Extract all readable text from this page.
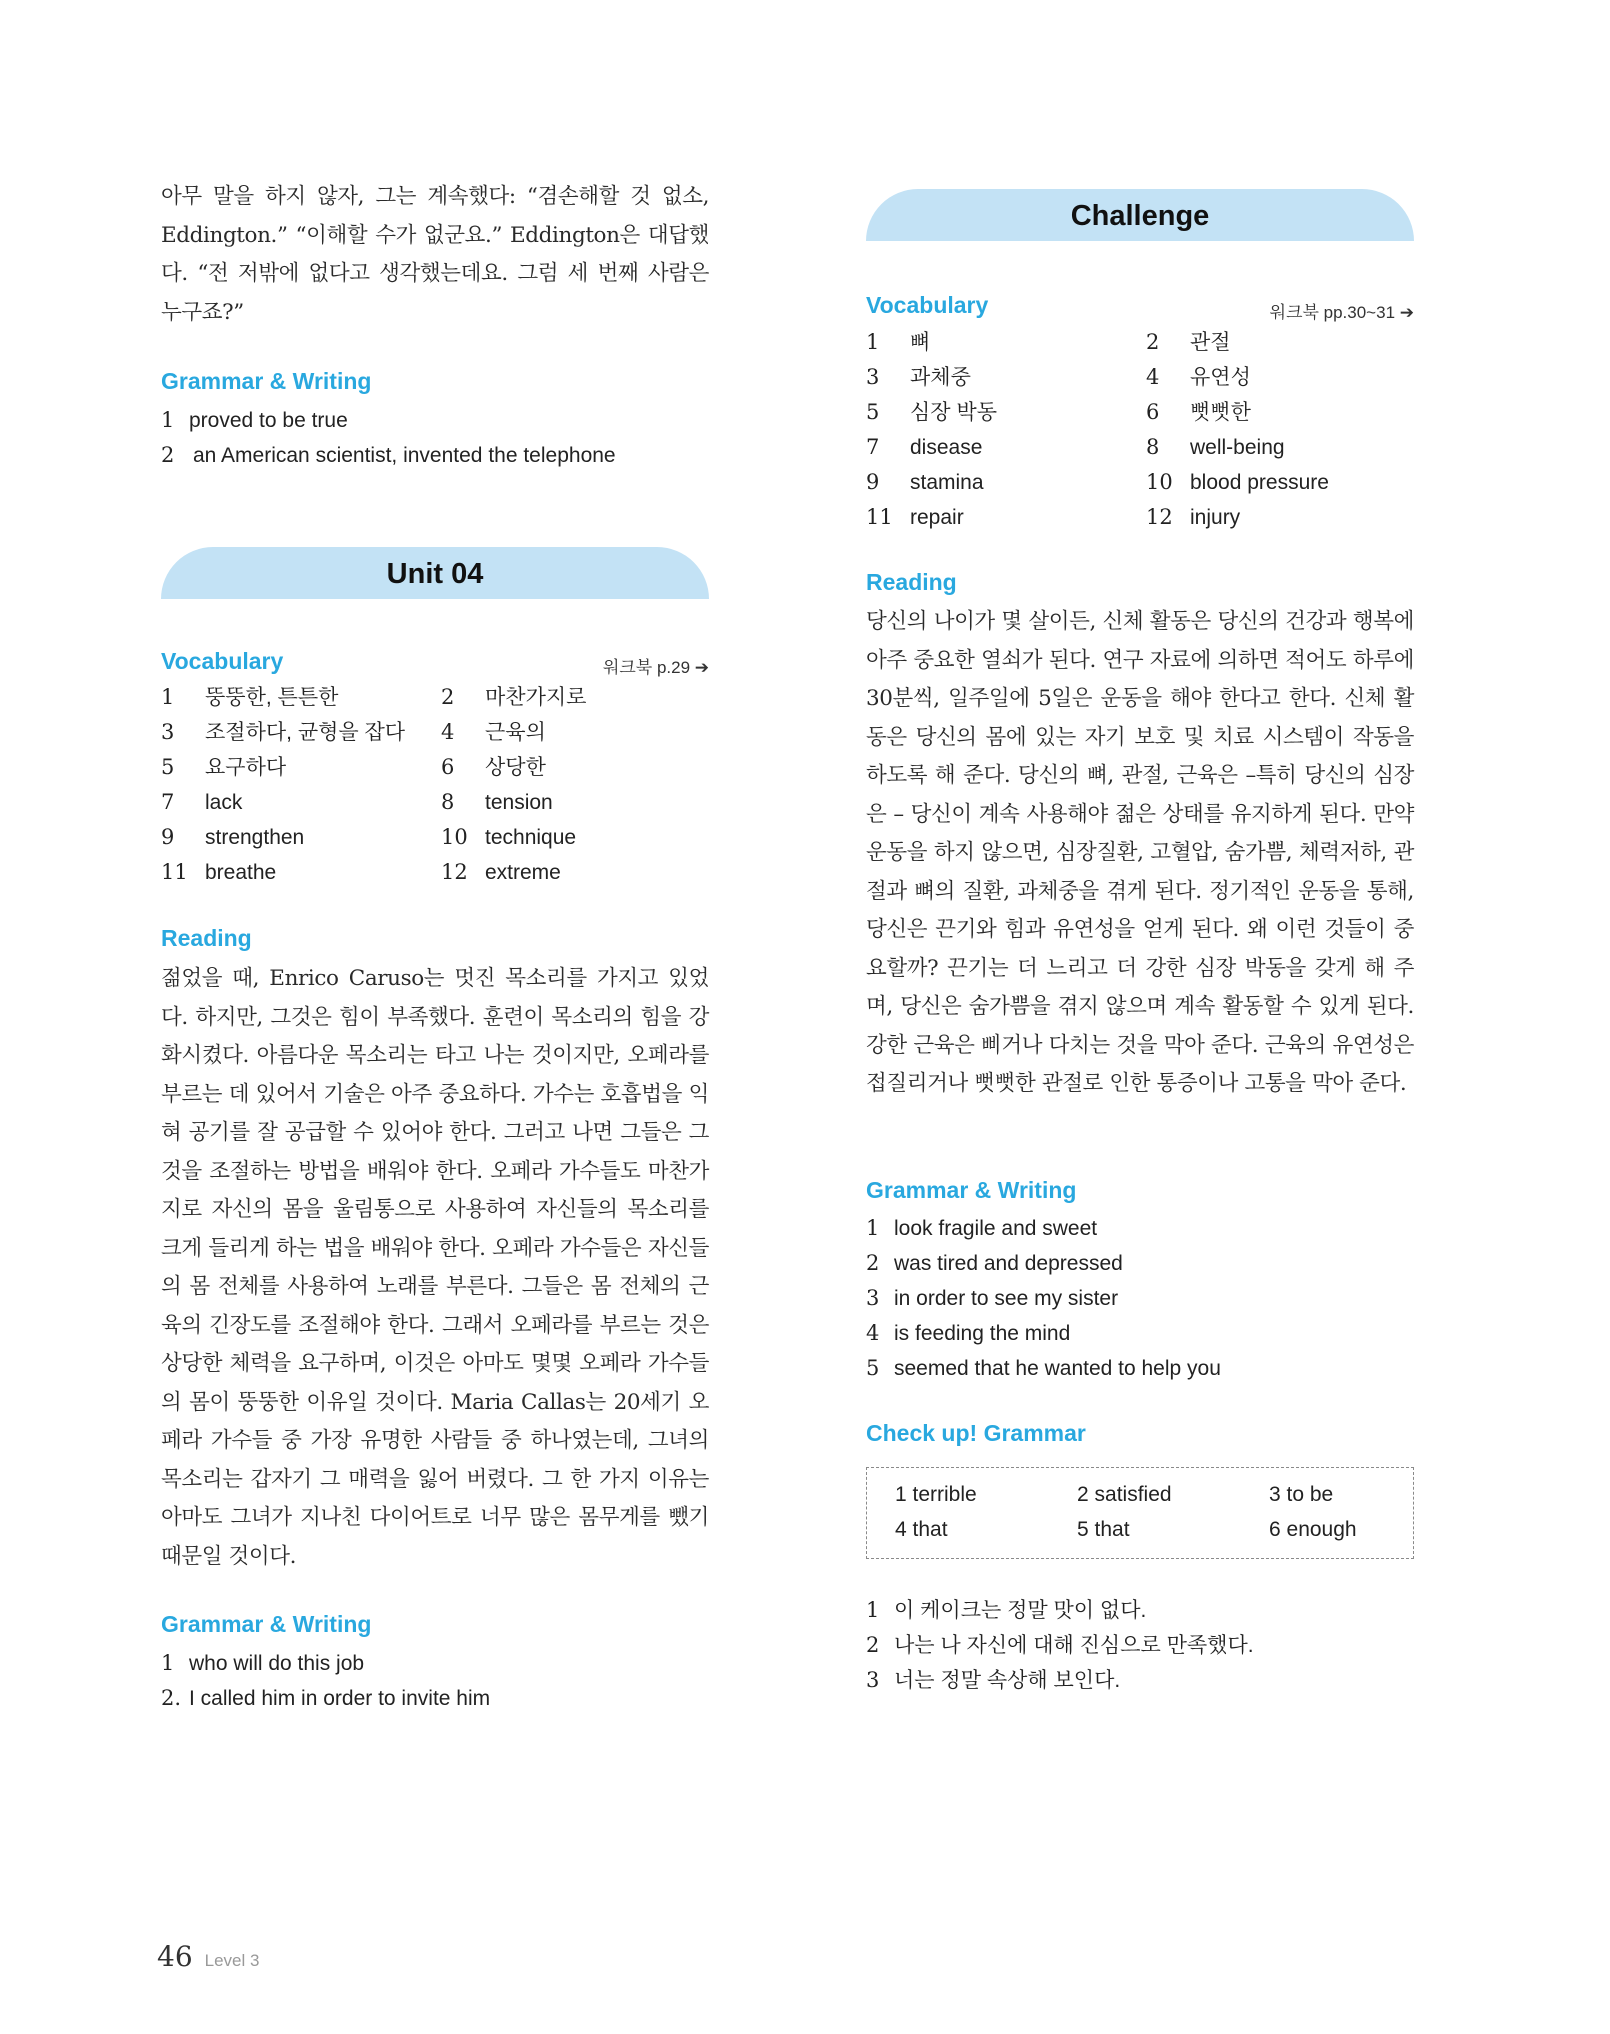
아무 말을 하지 않자, 그는 계속했다: “겸손해할 것 없소, Eddington.” “이해할 수가 없군요.” Eddington은 대답했다. “전 저밖에 없다고 생각했는데요. 그럼 세 번째 사람은 누구죠?”

Grammar & Writing
1 proved to be true
2 an American scientist, invented the telephone
Unit 04
Vocabulary	워크북 p.29 ➔
1 뚱뚱한, 튼튼한	2 마찬가지로
3 조절하다, 균형을 잡다 4 근육의
5 요구하다	6 상당한
7 lack	8 tension
9 strengthen	10 technique
11 breathe	12 extreme
Reading

젊었을 때, Enrico Caruso는 멋진 목소리를 가지고 있었다. 하지만, 그것은 힘이 부족했다. 훈련이 목소리의 힘을 강화시켰다. 아름다운 목소리는 타고 나는 것이지만, 오페라를 부르는 데 있어서 기술은 아주 중요하다. 가수는 호흡법을 익혀 공기를 잘 공급할 수 있어야 한다. 그러고 나면 그들은 그것을 조절하는 방법을 배워야 한다. 오페라 가수들도 마찬가지로 자신의 몸을 울림통으로 사용하여 자신들의 목소리를 크게 들리게 하는 법을 배워야 한다. 오페라 가수들은 자신들의 몸 전체를 사용하여 노래를 부른다. 그들은 몸 전체의 근육의 긴장도를 조절해야 한다. 그래서 오페라를 부르는 것은 상당한 체력을 요구하며, 이것은 아마도 몇몇 오페라 가수들의 몸이 뚱뚱한 이유일 것이다. Maria Callas는 20세기 오페라 가수들 중 가장 유명한 사람들 중 하나였는데, 그녀의 목소리는 갑자기 그 매력을 잃어 버렸다. 그 한 가지 이유는 아마도 그녀가 지나친 다이어트로 너무 많은 몸무게를 뺐기 때문일 것이다.

Grammar & Writing
1 who will do this job
2. I called him in order to invite him
Challenge
Vocabulary	워크북 pp.30~31 ➔
1 뼈	2 관절
3 과체중	4 유연성
5 심장 박동	6 뻣뻣한
7 disease	8 well-being
9 stamina	10 blood pressure
11 repair	12 injury
Reading

당신의 나이가 몇 살이든, 신체 활동은 당신의 건강과 행복에 아주 중요한 열쇠가 된다. 연구 자료에 의하면 적어도 하루에 30분씩, 일주일에 5일은 운동을 해야 한다고 한다. 신체 활동은 당신의 몸에 있는 자기 보호 및 치료 시스템이 작동을 하도록 해 준다. 당신의 뼈, 관절, 근육은 –특히 당신의 심장은 – 당신이 계속 사용해야 젊은 상태를 유지하게 된다. 만약 운동을 하지 않으면, 심장질환, 고혈압, 숨가쁨, 체력저하, 관절과 뼈의 질환, 과체중을 겪게 된다. 정기적인 운동을 통해, 당신은 끈기와 힘과 유연성을 얻게 된다. 왜 이런 것들이 중요할까? 끈기는 더 느리고 더 강한 심장 박동을 갖게 해 주며, 당신은 숨가쁨을 겪지 않으며 계속 활동할 수 있게 된다. 강한 근육은 삐거나 다치는 것을 막아 준다. 근육의 유연성은 접질리거나 뻣뻣한 관절로 인한 통증이나 고통을 막아 준다.

Grammar & Writing
1 look fragile and sweet
2 was tired and depressed
3 in order to see my sister
4 is feeding the mind
5 seemed that he wanted to help you
Check up! Grammar
1 terrible	2 satisfied	3 to be
4 that	5 that	6 enough
1 이 케이크는 정말 맛이 없다.
2 나는 나 자신에 대해 진심으로 만족했다.
3 너는 정말 속상해 보인다.
46 Level 3
